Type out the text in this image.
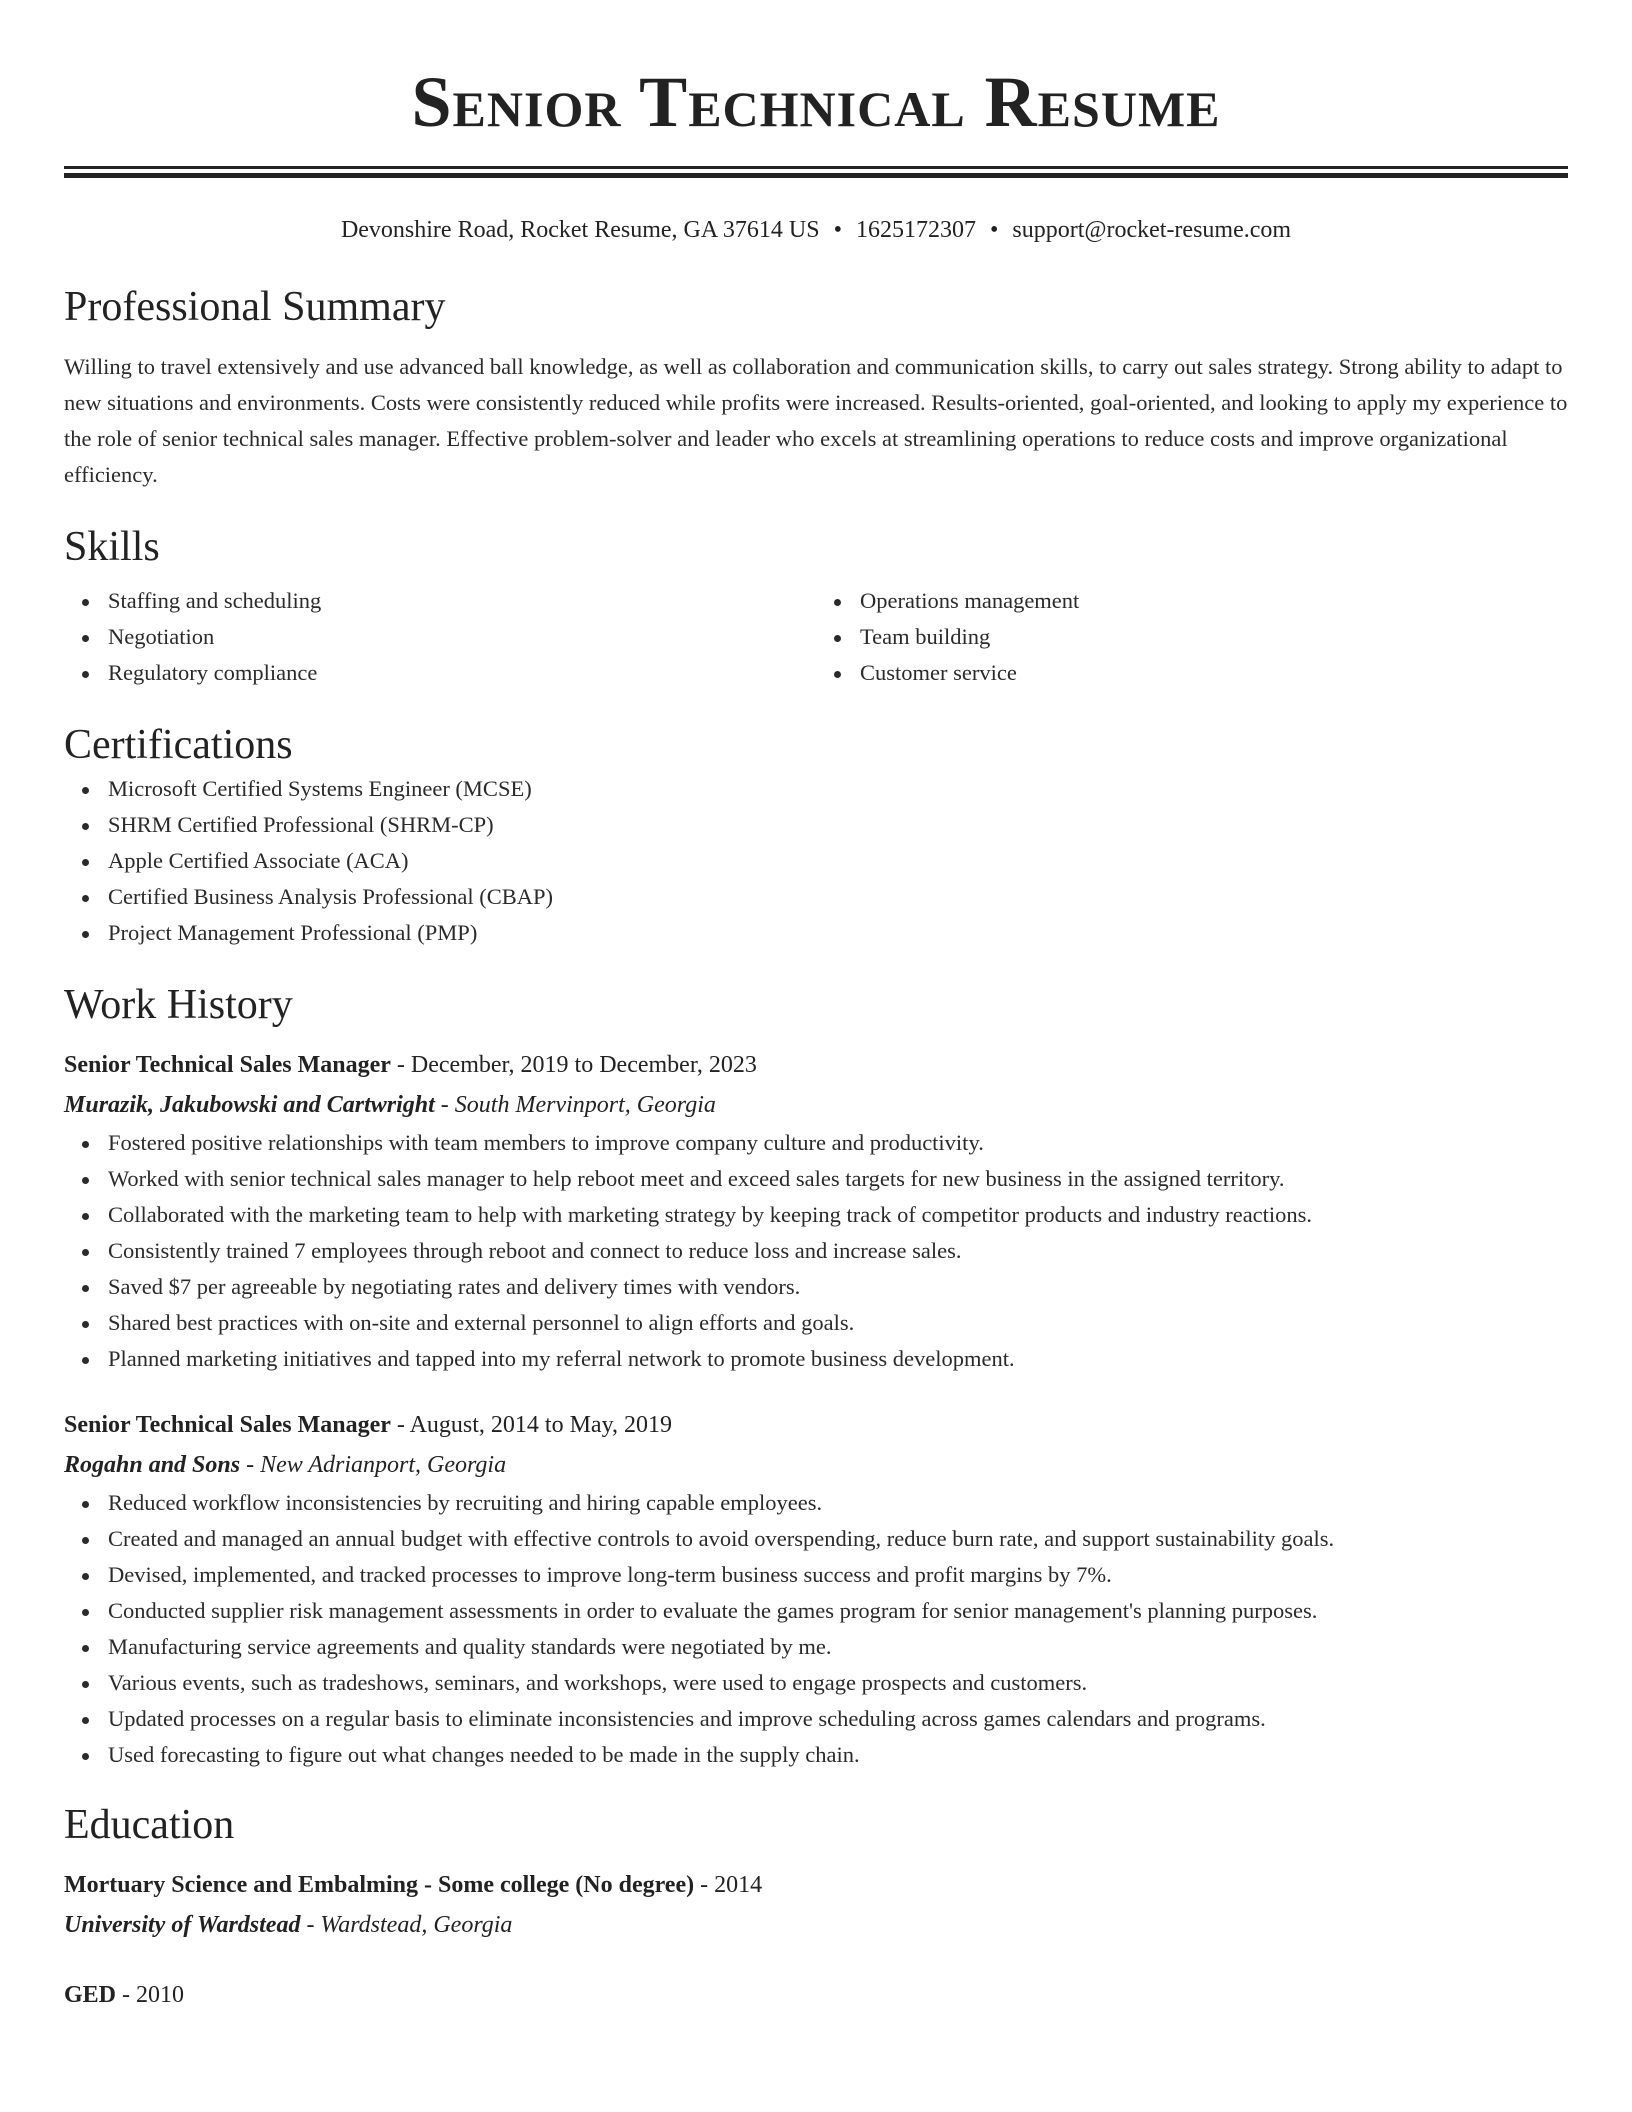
Senior Technical Resume
Devonshire Road, Rocket Resume, GA 37614 US • 1625172307 • support@rocket-resume.com
Professional Summary

Willing to travel extensively and use advanced ball knowledge, as well as collaboration and communication skills, to carry out sales strategy. Strong ability to adapt to new situations and environments. Costs were consistently reduced while profits were increased. Results-oriented, goal-oriented, and looking to apply my experience to the role of senior technical sales manager. Effective problem-solver and leader who excels at streamlining operations to reduce costs and improve organizational efficiency.

Skills
Staffing and scheduling
Negotiation
Regulatory compliance
Operations management
Team building
Customer service
Certifications
Microsoft Certified Systems Engineer (MCSE)
SHRM Certified Professional (SHRM-CP)
Apple Certified Associate (ACA)
Certified Business Analysis Professional (CBAP)
Project Management Professional (PMP)
Work History
Senior Technical Sales Manager - December, 2019 to December, 2023
Murazik, Jakubowski and Cartwright - South Mervinport, Georgia
Fostered positive relationships with team members to improve company culture and productivity.
Worked with senior technical sales manager to help reboot meet and exceed sales targets for new business in the assigned territory.
Collaborated with the marketing team to help with marketing strategy by keeping track of competitor products and industry reactions.
Consistently trained 7 employees through reboot and connect to reduce loss and increase sales.
Saved $7 per agreeable by negotiating rates and delivery times with vendors.
Shared best practices with on-site and external personnel to align efforts and goals.
Planned marketing initiatives and tapped into my referral network to promote business development.
Senior Technical Sales Manager - August, 2014 to May, 2019
Rogahn and Sons - New Adrianport, Georgia
Reduced workflow inconsistencies by recruiting and hiring capable employees.
Created and managed an annual budget with effective controls to avoid overspending, reduce burn rate, and support sustainability goals.
Devised, implemented, and tracked processes to improve long-term business success and profit margins by 7%.
Conducted supplier risk management assessments in order to evaluate the games program for senior management's planning purposes.
Manufacturing service agreements and quality standards were negotiated by me.
Various events, such as tradeshows, seminars, and workshops, were used to engage prospects and customers.
Updated processes on a regular basis to eliminate inconsistencies and improve scheduling across games calendars and programs.
Used forecasting to figure out what changes needed to be made in the supply chain.
Education
Mortuary Science and Embalming - Some college (No degree) - 2014
University of Wardstead - Wardstead, Georgia
GED - 2010
